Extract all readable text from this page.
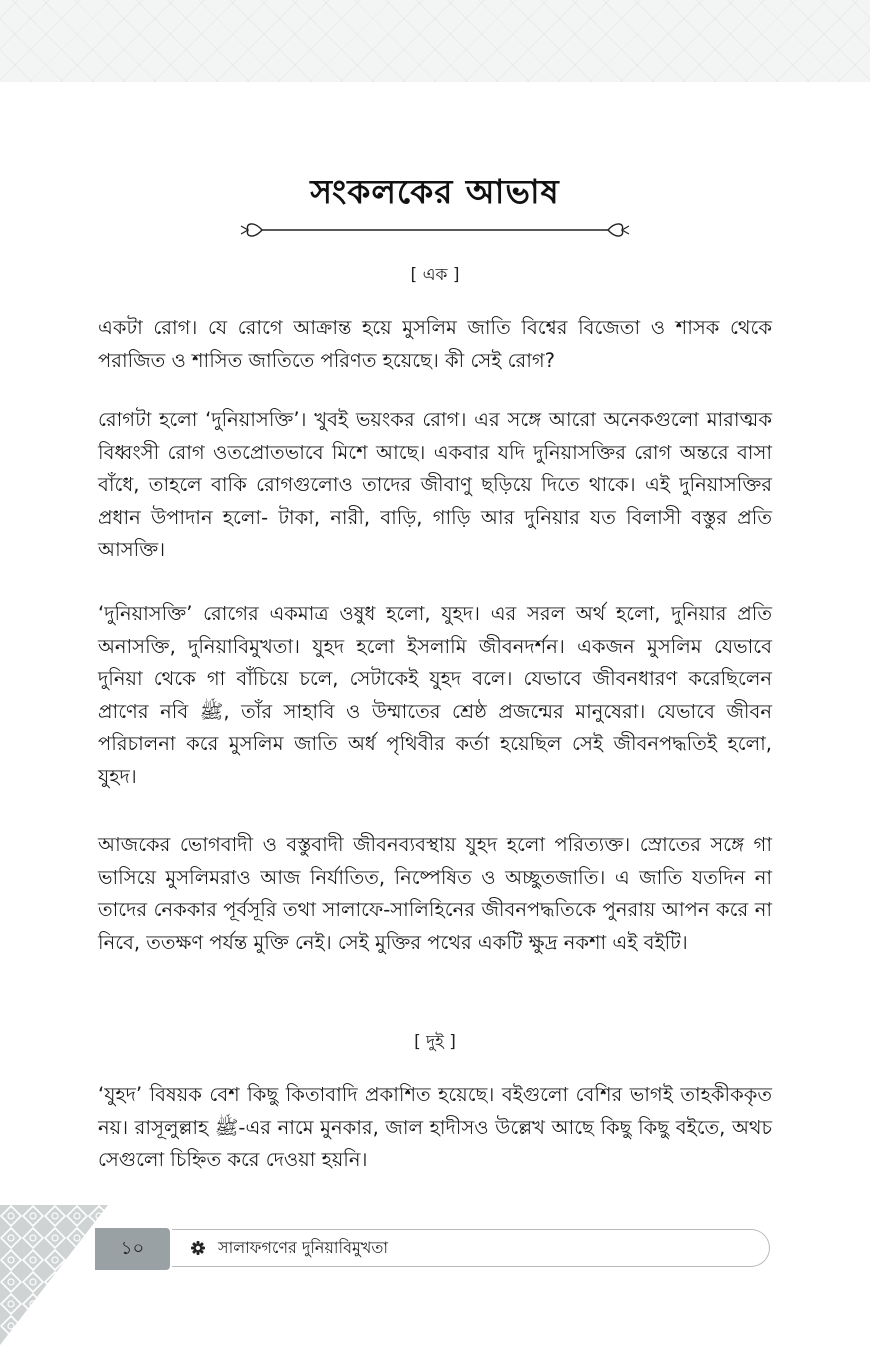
সংকলকের আভাষ
[ এক ]

একটা রোগ। যে রোগে আক্রান্ত হয়ে মুসলিম জাতি বিশ্বের বিজেতা ও শাসক থেকে পরাজিত ও শাসিত জাতিতে পরিণত হয়েছে। কী সেই রোগ?

রোগটা হলো ‘দুনিয়াসক্তি’। খুবই ভয়ংকর রোগ। এর সঙ্গে আরো অনেকগুলো মারাত্মক বিধ্বংসী রোগ ওতপ্রোতভাবে মিশে আছে। একবার যদি দুনিয়াসক্তির রোগ অন্তরে বাসা বাঁধে, তাহলে বাকি রোগগুলোও তাদের জীবাণু ছড়িয়ে দিতে থাকে। এই দুনিয়াসক্তির প্রধান উপাদান হলো- টাকা, নারী, বাড়ি, গাড়ি আর দুনিয়ার যত বিলাসী বস্তুর প্রতি আসক্তি।

‘দুনিয়াসক্তি’ রোগের একমাত্র ওষুধ হলো, যুহদ। এর সরল অর্থ হলো, দুনিয়ার প্রতি অনাসক্তি, দুনিয়াবিমুখতা। যুহদ হলো ইসলামি জীবনদর্শন। একজন মুসলিম যেভাবে দুনিয়া থেকে গা বাঁচিয়ে চলে, সেটাকেই যুহদ বলে। যেভাবে জীবনধারণ করেছিলেন প্রাণের নবি ﷺ, তাঁর সাহাবি ও উম্মাতের শ্রেষ্ঠ প্রজন্মের মানুষেরা। যেভাবে জীবন পরিচালনা করে মুসলিম জাতি অর্ধ পৃথিবীর কর্তা হয়েছিল সেই জীবনপদ্ধতিই হলো, যুহদ।

আজকের ভোগবাদী ও বস্তুবাদী জীবনব্যবস্থায় যুহদ হলো পরিত্যক্ত। স্রোতের সঙ্গে গা ভাসিয়ে মুসলিমরাও আজ নির্যাতিত, নিষ্পেষিত ও অচ্ছুতজাতি। এ জাতি যতদিন না তাদের নেককার পূর্বসূরি তথা সালাফে-সালিহিনের জীবনপদ্ধতিকে পুনরায় আপন করে না নিবে, ততক্ষণ পর্যন্ত মুক্তি নেই। সেই মুক্তির পথের একটি ক্ষুদ্র নকশা এই বইটি।

[ দুই ]

‘যুহদ’ বিষয়ক বেশ কিছু কিতাবাদি প্রকাশিত হয়েছে। বইগুলো বেশির ভাগই তাহকীককৃত নয়। রাসূলুল্লাহ ﷺ-এর নামে মুনকার, জাল হাদীসও উল্লেখ আছে কিছু কিছু বইতে, অথচ সেগুলো চিহ্নিত করে দেওয়া হয়নি।

১০	সালাফগণের দুনিয়াবিমুখতা
